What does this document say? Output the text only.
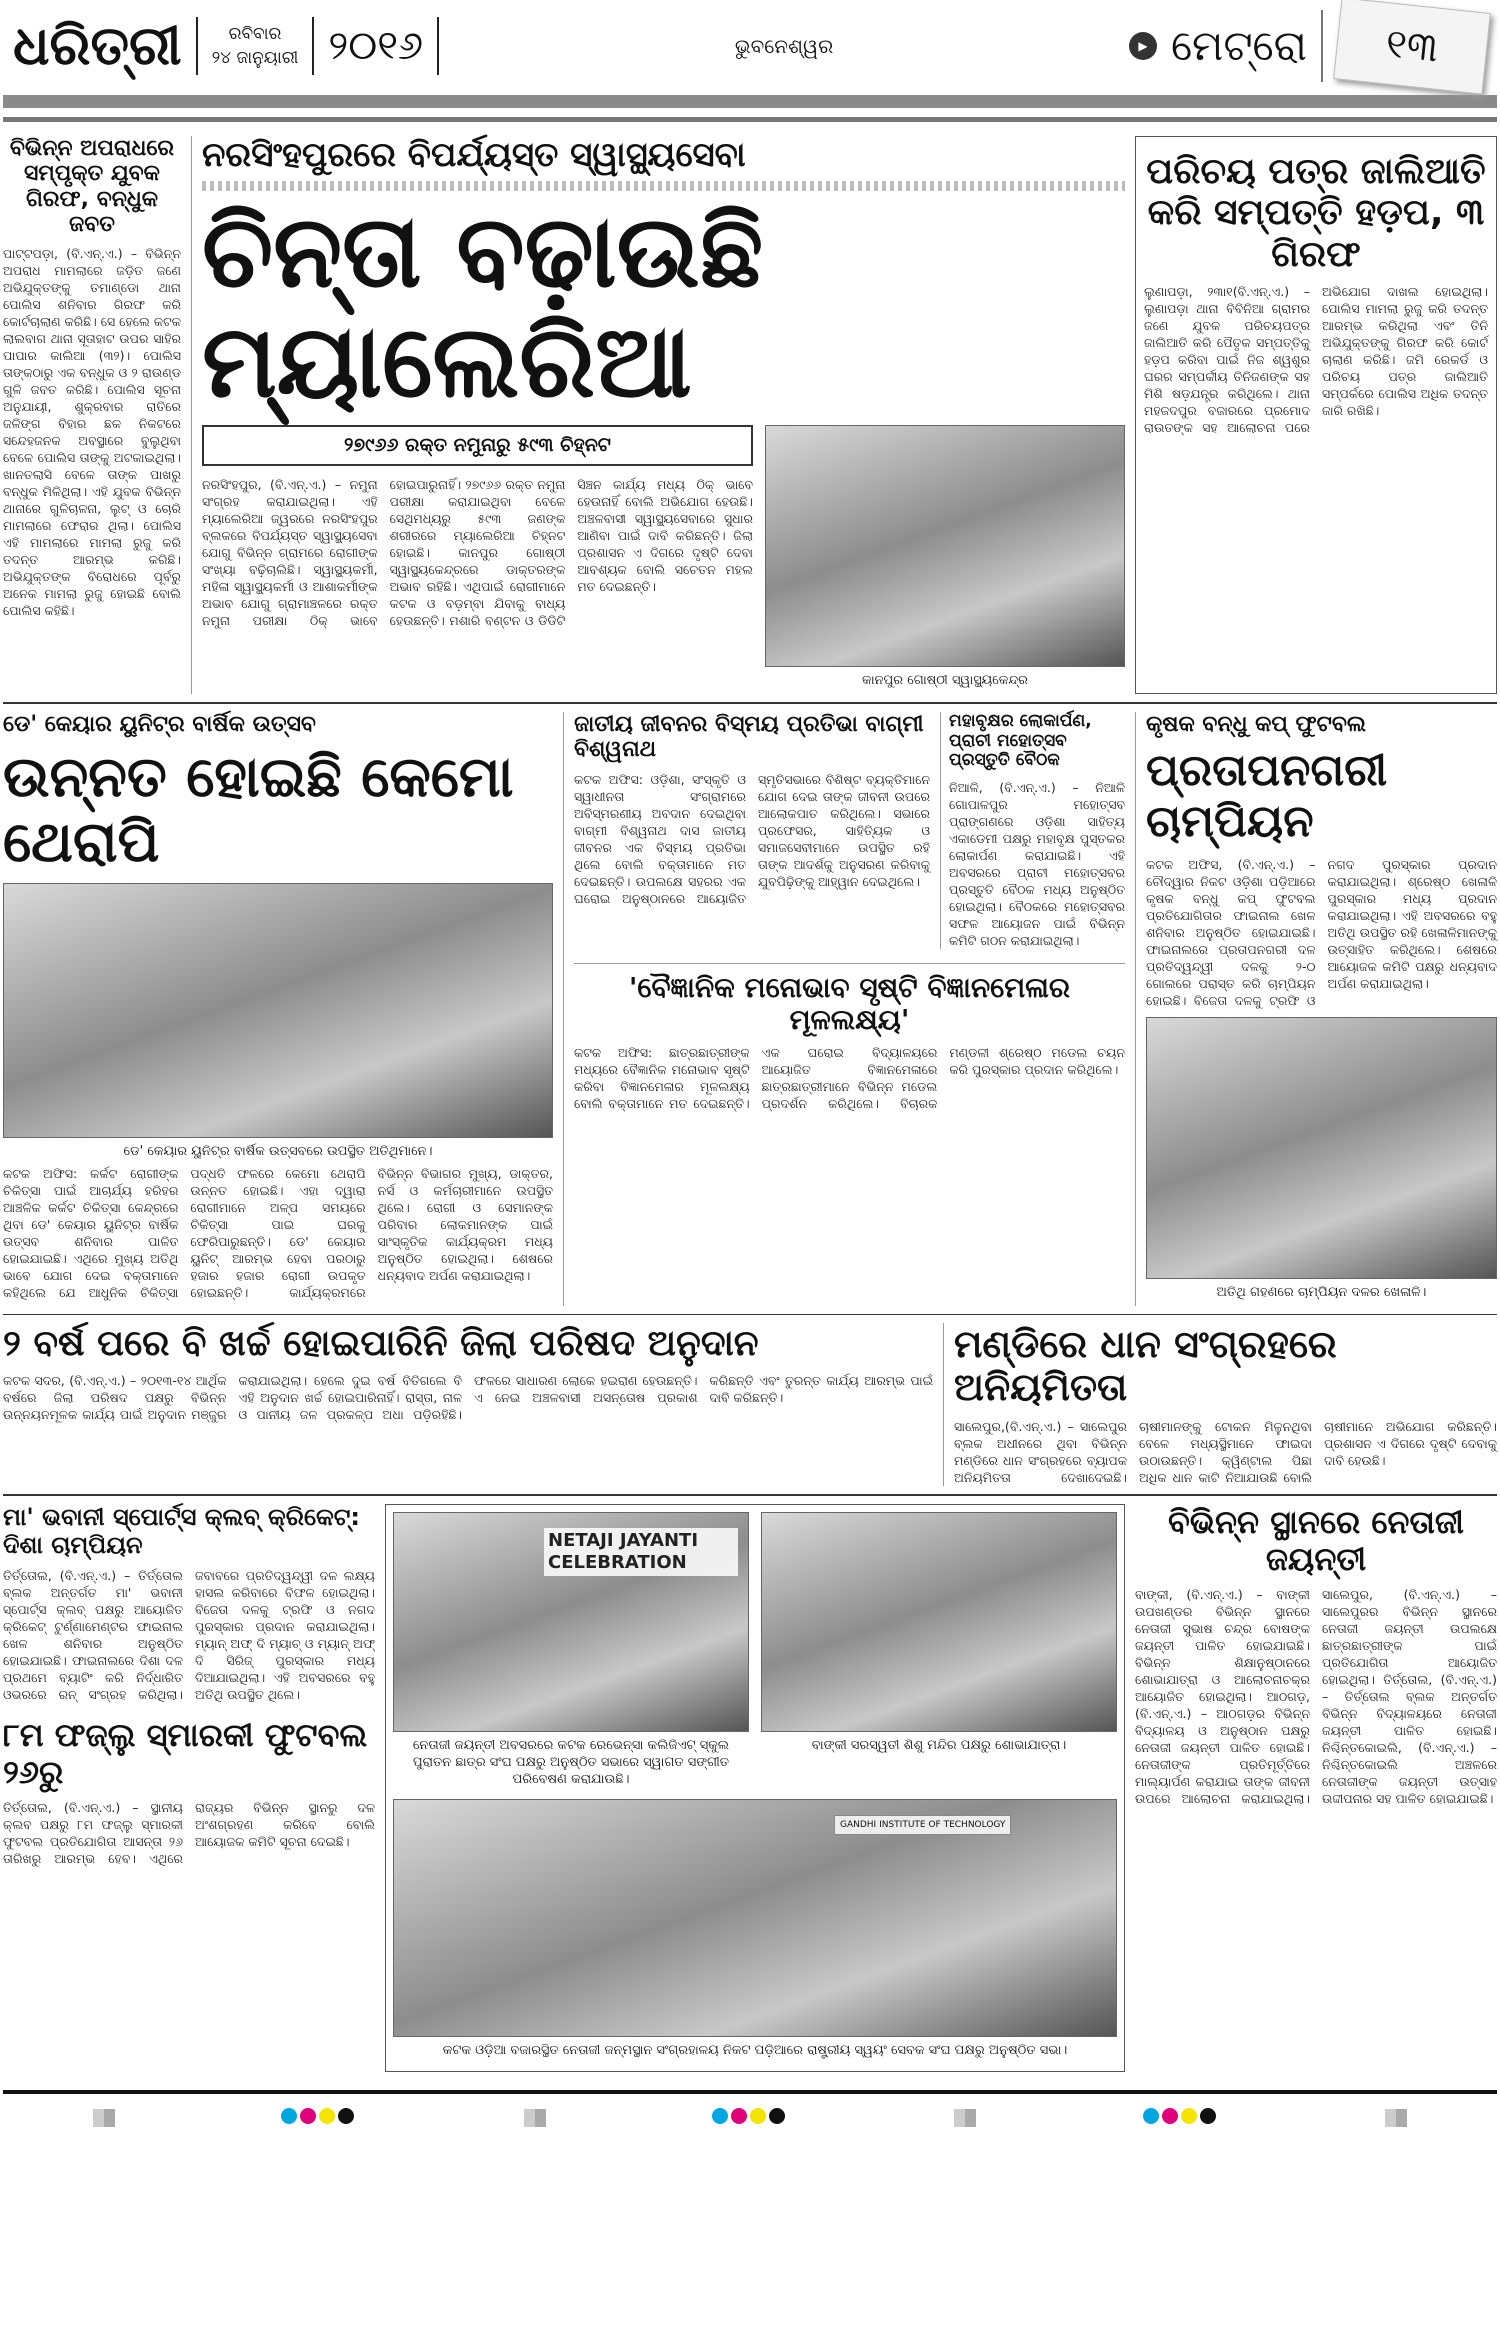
ଧରିତ୍ରୀ	ରବିବାର
୨୪ ଜାନୁୟାରୀ ୨୦୧୬	ଭୁବନେଶ୍ୱର	▶ ମେଟ୍ରୋ ୧୩
ବିଭିନ୍ନ ଅପରାଧରେ ସମ୍ପୃକ୍ତ ଯୁବକ ଗିରଫ, ବନ୍ଧୁକ ଜବତ
ପାଟ୍ଟପଡ଼ା, (ବି.ଏନ୍.ଏ.) – ବିଭିନ୍ନ ଅପରାଧ ମାମଲାରେ ଜଡ଼ିତ ଜଣେ ଅଭିଯୁକ୍ତଙ୍କୁ ତମାଣ୍ଡୋ ଥାନା ପୋଲିସ ଶନିବାର ଗିରଫ କରି କୋର୍ଟଚାଲାଣ କରିଛି। ସେ ହେଲେ କଟକ ଲାଲବାଗ ଥାନା ସୂତାହାଟ ଉପର ସାହିର ପାପାର କାଲିଆ (୩୨)। ପୋଲିସ ତାଙ୍କଠାରୁ ଏକ ବନ୍ଧୁକ ଓ ୨ ରାଉଣ୍ଡ ଗୁଳି ଜବତ କରିଛି। ପୋଲିସ ସୂଚନା ଅନୁଯାୟୀ, ଶୁକ୍ରବାର ରାତିରେ ଜଳିଙ୍ଗ ବିହାର ଛକ ନିକଟରେ ସନ୍ଦେହଜନକ ଅବସ୍ଥାରେ ବୁଲୁଥିବା ବେଳେ ପୋଲିସ ତାଙ୍କୁ ଅଟକାଇଥିଲା। ଖାନତଲାସି ବେଳେ ତାଙ୍କ ପାଖରୁ ବନ୍ଧୁକ ମିଳିଥିଲା। ଏହି ଯୁବକ ବିଭିନ୍ନ ଥାନାରେ ଗୁଳିଚାଳନା, ଲୁଟ୍ ଓ ଚୋରି ମାମଲାରେ ଫେରାର ଥିଲା। ପୋଲିସ ଏହି ମାମଲାରେ ମାମଲା ରୁଜୁ କରି ତଦନ୍ତ ଆରମ୍ଭ କରିଛି। ଅଭିଯୁକ୍ତଙ୍କ ବିରୋଧରେ ପୂର୍ବରୁ ଅନେକ ମାମଲା ରୁଜୁ ହୋଇଛି ବୋଲି ପୋଲିସ କହିଛି।
ନରସିଂହପୁରରେ ବିପର୍ଯ୍ୟସ୍ତ ସ୍ୱାସ୍ଥ୍ୟସେବା
ଚିନ୍ତା ବଢ଼ାଉଛି ମ୍ୟାଲେରିଆ
୨୭୯୬୬ ରକ୍ତ ନମୁନାରୁ ୫୯୩ ଚିହ୍ନଟ
ନରସିଂହପୁର, (ବି.ଏନ୍.ଏ.) – ନମୁନା ସଂଗ୍ରହ କରାଯାଇଥିଲା। ଏହି ମ୍ୟାଲେରିଆ ଜ୍ୱରରେ ନରସିଂହପୁର ବ୍ଲକରେ ବିପର୍ଯ୍ୟସ୍ତ ସ୍ୱାସ୍ଥ୍ୟସେବା ଯୋଗୁ ବିଭିନ୍ନ ଗ୍ରାମରେ ରୋଗୀଙ୍କ ସଂଖ୍ୟା ବଢ଼ିଚାଲିଛି। ସ୍ୱାସ୍ଥ୍ୟକର୍ମୀ, ମହିଳା ସ୍ୱାସ୍ଥ୍ୟକର୍ମୀ ଓ ଆଶାକର୍ମୀଙ୍କ ଅଭାବ ଯୋଗୁ ଗ୍ରାମାଞ୍ଚଳରେ ରକ୍ତ ନମୁନା ପରୀକ୍ଷା ଠିକ୍ ଭାବେ ହୋଇପାରୁନାହିଁ। ୨୭୯୬୬ ରକ୍ତ ନମୁନା ପରୀକ୍ଷା କରାଯାଇଥିବା ବେଳେ ସେଥିମଧ୍ୟରୁ ୫୯୩ ଜଣଙ୍କ ଶରୀରରେ ମ୍ୟାଲେରିଆ ଚିହ୍ନଟ ହୋଇଛି। କାନପୁର ଗୋଷ୍ଠୀ ସ୍ୱାସ୍ଥ୍ୟକେନ୍ଦ୍ରରେ ଡାକ୍ତରଙ୍କ ଅଭାବ ରହିଛି। ଏଥିପାଇଁ ରୋଗୀମାନେ କଟକ ଓ ବଡ଼ମ୍ବା ଯିବାକୁ ବାଧ୍ୟ ହେଉଛନ୍ତି। ମଶାରି ବଣ୍ଟନ ଓ ଡିଡିଟି ସିଞ୍ଚନ କାର୍ଯ୍ୟ ମଧ୍ୟ ଠିକ୍ ଭାବେ ହେଉନାହିଁ ବୋଲି ଅଭିଯୋଗ ହେଉଛି। ଅଞ୍ଚଳବାସୀ ସ୍ୱାସ୍ଥ୍ୟସେବାରେ ସୁଧାର ଆଣିବା ପାଇଁ ଦାବି କରିଛନ୍ତି। ଜିଲା ପ୍ରଶାସନ ଏ ଦିଗରେ ଦୃଷ୍ଟି ଦେବା ଆବଶ୍ୟକ ବୋଲି ସଚେତନ ମହଲ ମତ ଦେଇଛନ୍ତି।
କାନପୁର ଗୋଷ୍ଠୀ ସ୍ୱାସ୍ଥ୍ୟକେନ୍ଦ୍ର
ପରିଚୟ ପତ୍ର ଜାଲିଆତି କରି ସମ୍ପତ୍ତି ହଡ଼ପ, ୩ ଗିରଫ
ଲୁଣାପଡ଼ା, ୨୩ା୧(ବି.ଏନ୍.ଏ.) – ଲୁଣାପଡ଼ା ଥାନା ବିବିନିଆ ଗ୍ରାମର ଜଣେ ଯୁବକ ପରିଚୟପତ୍ର ଜାଲିଆତି କରି ପୈତୃକ ସମ୍ପତ୍ତିକୁ ହଡ଼ପ କରିବା ପାଇଁ ନିଜ ଶ୍ୱଶୁର ଘରର ସମ୍ପର୍କୀୟ ତିନିଜଣଙ୍କ ସହ ମିଶି ଷଡ଼ଯନ୍ତ୍ର କରିଥିଲେ। ଥାନା ମହଜଦପୁର ବଜାରରେ ପ୍ରମୋଦ ରାଉତଙ୍କ ସହ ଆଲୋଚନା ପରେ ଅଭିଯୋଗ ଦାଖଲ ହୋଇଥିଲା। ପୋଲିସ ମାମଲା ରୁଜୁ କରି ତଦନ୍ତ ଆରମ୍ଭ କରିଥିଲା ଏବଂ ତିନି ଅଭିଯୁକ୍ତଙ୍କୁ ଗିରଫ କରି କୋର୍ଟ ଚାଲାଣ କରିଛି। ଜମି ରେକର୍ଡ ଓ ପରିଚୟ ପତ୍ର ଜାଲିଆତି ସମ୍ପର୍କରେ ପୋଲିସ ଅଧିକ ତଦନ୍ତ ଜାରି ରଖିଛି।
ଡେ' କେୟାର ୟୁନିଟ୍‌ର ବାର୍ଷିକ ଉତ୍ସବ
ଉନ୍ନତ ହୋଇଛି କେମୋ ଥେରାପି
ଡେ' କେୟାର ୟୁନିଟ୍‌ର ବାର୍ଷିକ ଉତ୍ସବରେ ଉପସ୍ଥିତ ଅତିଥିମାନେ।
କଟକ ଅଫିସ: କର୍କଟ ରୋଗୀଙ୍କ ଚିକିତ୍ସା ପାଇଁ ଆଚାର୍ଯ୍ୟ ହରିହର ଆଞ୍ଚଳିକ କର୍କଟ ଚିକିତ୍ସା କେନ୍ଦ୍ରରେ ଥିବା ଡେ' କେୟାର ୟୁନିଟ୍‌ର ବାର୍ଷିକ ଉତ୍ସବ ଶନିବାର ପାଳିତ ହୋଇଯାଇଛି। ଏଥିରେ ମୁଖ୍ୟ ଅତିଥି ଭାବେ ଯୋଗ ଦେଇ ବକ୍ତାମାନେ କହିଥିଲେ ଯେ ଆଧୁନିକ ଚିକିତ୍ସା ପଦ୍ଧତି ଫଳରେ କେମୋ ଥେରାପି ଉନ୍ନତ ହୋଇଛି। ଏହା ଦ୍ୱାରା ରୋଗୀମାନେ ଅଳ୍ପ ସମୟରେ ଚିକିତ୍ସା ପାଇ ଘରକୁ ଫେରିପାରୁଛନ୍ତି। ଡେ' କେୟାର ୟୁନିଟ୍ ଆରମ୍ଭ ହେବା ପରଠାରୁ ହଜାର ହଜାର ରୋଗୀ ଉପକୃତ ହୋଇଛନ୍ତି। କାର୍ଯ୍ୟକ୍ରମରେ ବିଭିନ୍ନ ବିଭାଗର ମୁଖ୍ୟ, ଡାକ୍ତର, ନର୍ସ ଓ କର୍ମଚାରୀମାନେ ଉପସ୍ଥିତ ଥିଲେ। ରୋଗୀ ଓ ସେମାନଙ୍କ ପରିବାର ଲୋକମାନଙ୍କ ପାଇଁ ସାଂସ୍କୃତିକ କାର୍ଯ୍ୟକ୍ରମ ମଧ୍ୟ ଅନୁଷ୍ଠିତ ହୋଇଥିଲା। ଶେଷରେ ଧନ୍ୟବାଦ ଅର୍ପଣ କରାଯାଇଥିଲା।
ଜାତୀୟ ଜୀବନର ବିସ୍ମୟ ପ୍ରତିଭା ବାଗ୍ମୀ ବିଶ୍ୱନାଥ
କଟକ ଅଫିସ: ଓଡ଼ିଶା, ସଂସ୍କୃତି ଓ ସ୍ୱାଧୀନତା ସଂଗ୍ରାମରେ ଅବିସ୍ମରଣୀୟ ଅବଦାନ ଦେଇଥିବା ବାଗ୍ମୀ ବିଶ୍ୱନାଥ ଦାସ ଜାତୀୟ ଜୀବନର ଏକ ବିସ୍ମୟ ପ୍ରତିଭା ଥିଲେ ବୋଲି ବକ୍ତାମାନେ ମତ ଦେଇଛନ୍ତି। ଉପଲକ୍ଷେ ସହରର ଏକ ଘରୋଇ ଅନୁଷ୍ଠାନରେ ଆୟୋଜିତ ସ୍ମୃତିସଭାରେ ବିଶିଷ୍ଟ ବ୍ୟକ୍ତିମାନେ ଯୋଗ ଦେଇ ତାଙ୍କ ଜୀବନୀ ଉପରେ ଆଲୋକପାତ କରିଥିଲେ। ସଭାରେ ପ୍ରଫେସର, ସାହିତ୍ୟିକ ଓ ସମାଜସେବୀମାନେ ଉପସ୍ଥିତ ରହି ତାଙ୍କ ଆଦର୍ଶକୁ ଅନୁସରଣ କରିବାକୁ ଯୁବପିଢ଼ିଙ୍କୁ ଆହ୍ୱାନ ଦେଇଥିଲେ।
ମହାବୃକ୍ଷର ଲୋକାର୍ପଣ, ପ୍ରାଚୀ ମହୋତ୍ସବ ପ୍ରସ୍ତୁତି ବୈଠକ
ନିଆଳି, (ବି.ଏନ୍.ଏ.) – ନିଆଳି ଗୋପାଳପୁର ମହୋତ୍ସବ ପ୍ରାଙ୍ଗଣରେ ଓଡ଼ିଶା ସାହିତ୍ୟ ଏକାଡେମୀ ପକ୍ଷରୁ ମହାବୃକ୍ଷ ପୁସ୍ତକର ଲୋକାର୍ପଣ କରାଯାଇଛି। ଏହି ଅବସରରେ ପ୍ରାଚୀ ମହୋତ୍ସବର ପ୍ରସ୍ତୁତି ବୈଠକ ମଧ୍ୟ ଅନୁଷ୍ଠିତ ହୋଇଥିଲା। ବୈଠକରେ ମହୋତ୍ସବର ସଫଳ ଆୟୋଜନ ପାଇଁ ବିଭିନ୍ନ କମିଟି ଗଠନ କରାଯାଇଥିଲା।
'ବୈଜ୍ଞାନିକ ମନୋଭାବ ସୃଷ୍ଟି ବିଜ୍ଞାନମେଳାର ମୂଳଲକ୍ଷ୍ୟ'
କଟକ ଅଫିସ: ଛାତ୍ରଛାତ୍ରୀଙ୍କ ମଧ୍ୟରେ ବୈଜ୍ଞାନିକ ମନୋଭାବ ସୃଷ୍ଟି କରିବା ବିଜ୍ଞାନମେଳାର ମୂଳଲକ୍ଷ୍ୟ ବୋଲି ବକ୍ତାମାନେ ମତ ଦେଇଛନ୍ତି। ଏକ ଘରୋଇ ବିଦ୍ୟାଳୟରେ ଆୟୋଜିତ ବିଜ୍ଞାନମେଳାରେ ଛାତ୍ରଛାତ୍ରୀମାନେ ବିଭିନ୍ନ ମଡେଲ ପ୍ରଦର୍ଶନ କରିଥିଲେ। ବିଚାରକ ମଣ୍ଡଳୀ ଶ୍ରେଷ୍ଠ ମଡେଲ ଚୟନ କରି ପୁରସ୍କାର ପ୍ରଦାନ କରିଥିଲେ।
କୃଷକ ବନ୍ଧୁ କପ୍ ଫୁଟବଲ
ପ୍ରତାପନଗରୀ ଚାମ୍ପିୟନ
କଟକ ଅଫିସ, (ବି.ଏନ୍.ଏ.) – ଚୌଦ୍ୱାର ନିକଟ ଓଡ଼ିଶା ପଡ଼ିଆରେ କୃଷକ ବନ୍ଧୁ କପ୍ ଫୁଟବଲ ପ୍ରତିଯୋଗିତାର ଫାଇନାଲ ଖେଳ ଶନିବାର ଅନୁଷ୍ଠିତ ହୋଇଯାଇଛି। ଫାଇନାଲରେ ପ୍ରତାପନଗରୀ ଦଳ ପ୍ରତିଦ୍ୱନ୍ଦ୍ୱୀ ଦଳକୁ ୨-୦ ଗୋଲରେ ପରାସ୍ତ କରି ଚାମ୍ପିୟନ ହୋଇଛି। ବିଜେତା ଦଳକୁ ଟ୍ରଫି ଓ ନଗଦ ପୁରସ୍କାର ପ୍ରଦାନ କରାଯାଇଥିଲା। ଶ୍ରେଷ୍ଠ ଖେଳାଳି ପୁରସ୍କାର ମଧ୍ୟ ପ୍ରଦାନ କରାଯାଇଥିଲା। ଏହି ଅବସରରେ ବହୁ ଅତିଥି ଉପସ୍ଥିତ ରହି ଖେଳାଳିମାନଙ୍କୁ ଉତ୍ସାହିତ କରିଥିଲେ। ଶେଷରେ ଆୟୋଜକ କମିଟି ପକ୍ଷରୁ ଧନ୍ୟବାଦ ଅର୍ପଣ କରାଯାଇଥିଲା।
ଅତିଥି ଗହଣରେ ଚାମ୍ପିୟନ ଦଳର ଖେଳାଳି।
୨ ବର୍ଷ ପରେ ବି ଖର୍ଚ୍ଚ ହୋଇପାରିନି ଜିଲା ପରିଷଦ ଅନୁଦାନ
କଟକ ସଦର, (ବି.ଏନ୍.ଏ.) – ୨୦୧୩-୧୪ ଆର୍ଥିକ ବର୍ଷରେ ଜିଲା ପରିଷଦ ପକ୍ଷରୁ ବିଭିନ୍ନ ଉନ୍ନୟନମୂଳକ କାର୍ଯ୍ୟ ପାଇଁ ଅନୁଦାନ ମଞ୍ଜୁର କରାଯାଇଥିଲା। ହେଲେ ଦୁଇ ବର୍ଷ ବିତିଗଲେ ବି ଏହି ଅନୁଦାନ ଖର୍ଚ୍ଚ ହୋଇପାରିନାହିଁ। ରାସ୍ତା, ନାଳ ଓ ପାନୀୟ ଜଳ ପ୍ରକଳ୍ପ ଅଧା ପଡ଼ିରହିଛି। ଫଳରେ ସାଧାରଣ ଲୋକେ ହଇରାଣ ହେଉଛନ୍ତି। ଏ ନେଇ ଅଞ୍ଚଳବାସୀ ଅସନ୍ତୋଷ ପ୍ରକାଶ କରିଛନ୍ତି ଏବଂ ତୁରନ୍ତ କାର୍ଯ୍ୟ ଆରମ୍ଭ ପାଇଁ ଦାବି କରିଛନ୍ତି।
ମଣ୍ଡିରେ ଧାନ ସଂଗ୍ରହରେ ଅନିୟମିତତା
ସାଲେପୁର,(ବି.ଏନ୍.ଏ.) – ସାଲେପୁର ବ୍ଲକ ଅଧୀନରେ ଥିବା ବିଭିନ୍ନ ମଣ୍ଡିରେ ଧାନ ସଂଗ୍ରହରେ ବ୍ୟାପକ ଅନିୟମିତତା ଦେଖାଦେଇଛି। ଚାଷୀମାନଙ୍କୁ ଟୋକନ ମିଳୁନଥିବା ବେଳେ ମଧ୍ୟସ୍ଥିମାନେ ଫାଇଦା ଉଠାଉଛନ୍ତି। କ୍ୱିଣ୍ଟାଲ ପିଛା ଅଧିକ ଧାନ କାଟି ନିଆଯାଉଛି ବୋଲି ଚାଷୀମାନେ ଅଭିଯୋଗ କରିଛନ୍ତି। ପ୍ରଶାସନ ଏ ଦିଗରେ ଦୃଷ୍ଟି ଦେବାକୁ ଦାବି ହେଉଛି।
ମା' ଭବାନୀ ସ୍ପୋର୍ଟ୍ସ କ୍ଲବ୍ କ୍ରିକେଟ୍: ଦିଶା ଚାମ୍ପିୟନ
ତିର୍ତ୍ତୋଲ, (ବି.ଏନ୍.ଏ.) – ତିର୍ତ୍ତୋଲ ବ୍ଲକ ଅନ୍ତର୍ଗତ ମା' ଭବାନୀ ସ୍ପୋର୍ଟ୍ସ କ୍ଲବ୍ ପକ୍ଷରୁ ଆୟୋଜିତ କ୍ରିକେଟ୍ ଟୁର୍ଣ୍ଣାମେଣ୍ଟର ଫାଇନାଲ ଖେଳ ଶନିବାର ଅନୁଷ୍ଠିତ ହୋଇଯାଇଛି। ଫାଇନାଲରେ ଦିଶା ଦଳ ପ୍ରଥମେ ବ୍ୟାଟିଂ କରି ନିର୍ଦ୍ଧାରିତ ଓଭରରେ ରନ୍ ସଂଗ୍ରହ କରିଥିଲା। ଜବାବରେ ପ୍ରତିଦ୍ୱନ୍ଦ୍ୱୀ ଦଳ ଲକ୍ଷ୍ୟ ହାସଲ କରିବାରେ ବିଫଳ ହୋଇଥିଲା। ବିଜେତା ଦଳକୁ ଟ୍ରଫି ଓ ନଗଦ ପୁରସ୍କାର ପ୍ରଦାନ କରାଯାଇଥିଲା। ମ୍ୟାନ୍ ଅଫ୍ ଦି ମ୍ୟାଚ୍ ଓ ମ୍ୟାନ୍ ଅଫ୍ ଦି ସିରିଜ୍ ପୁରସ୍କାର ମଧ୍ୟ ଦିଆଯାଇଥିଲା। ଏହି ଅବସରରେ ବହୁ ଅତିଥି ଉପସ୍ଥିତ ଥିଲେ।
୮ମ ଫଜ୍ଲୁ ସ୍ମାରକୀ ଫୁଟବଲ ୨୬ରୁ
ତିର୍ତ୍ତୋଲ, (ବି.ଏନ୍.ଏ.) – ସ୍ଥାନୀୟ କ୍ଲବ ପକ୍ଷରୁ ୮ମ ଫଜ୍ଲୁ ସ୍ମାରକୀ ଫୁଟବଲ ପ୍ରତିଯୋଗିତା ଆସନ୍ତା ୨୬ ତାରିଖରୁ ଆରମ୍ଭ ହେବ। ଏଥିରେ ରାଜ୍ୟର ବିଭିନ୍ନ ସ୍ଥାନରୁ ଦଳ ଅଂଶଗ୍ରହଣ କରିବେ ବୋଲି ଆୟୋଜକ କମିଟି ସୂଚନା ଦେଇଛି।
NETAJI JAYANTI CELEBRATION
ନେତାଜୀ ଜୟନ୍ତୀ ଅବସରରେ କଟକ ରେଭେନ୍ସା କଲିଜିଏଟ୍ ସ୍କୁଲ ପୁରାତନ ଛାତ୍ର ସଂଘ ପକ୍ଷରୁ ଅନୁଷ୍ଠିତ ସଭାରେ ସ୍ୱାଗତ ସଙ୍ଗୀତ ପରିବେଷଣ କରାଯାଉଛି।
ବାଙ୍କୀ ସରସ୍ୱତୀ ଶିଶୁ ମନ୍ଦିର ପକ୍ଷରୁ ଶୋଭାଯାତ୍ରା।
GANDHI INSTITUTE OF TECHNOLOGY
କଟକ ଓଡ଼ିଆ ବଜାରସ୍ଥିତ ନେତାଜୀ ଜନ୍ମସ୍ଥାନ ସଂଗ୍ରହାଳୟ ନିକଟ ପଡ଼ିଆରେ ରାଷ୍ଟ୍ରୀୟ ସ୍ୱୟଂ ସେବକ ସଂଘ ପକ୍ଷରୁ ଅନୁଷ୍ଠିତ ସଭା।
ବିଭିନ୍ନ ସ୍ଥାନରେ ନେତାଜୀ ଜୟନ୍ତୀ
ବାଙ୍କୀ, (ବି.ଏନ୍.ଏ.) – ବାଙ୍କୀ ଉପଖଣ୍ଡର ବିଭିନ୍ନ ସ୍ଥାନରେ ନେତାଜୀ ସୁଭାଷ ଚନ୍ଦ୍ର ବୋଷଙ୍କ ଜୟନ୍ତୀ ପାଳିତ ହୋଇଯାଇଛି। ବିଭିନ୍ନ ଶିକ୍ଷାନୁଷ୍ଠାନରେ ଶୋଭାଯାତ୍ରା ଓ ଆଲୋଚନାଚକ୍ର ଆୟୋଜିତ ହୋଇଥିଲା। ଆଠଗଡ଼, (ବି.ଏନ୍.ଏ.) – ଆଠଗଡ଼ର ବିଭିନ୍ନ ବିଦ୍ୟାଳୟ ଓ ଅନୁଷ୍ଠାନ ପକ୍ଷରୁ ନେତାଜୀ ଜୟନ୍ତୀ ପାଳିତ ହୋଇଛି। ନେତାଜୀଙ୍କ ପ୍ରତିମୂର୍ତ୍ତିରେ ମାଲ୍ୟାର୍ପଣ କରାଯାଇ ତାଙ୍କ ଜୀବନୀ ଉପରେ ଆଲୋଚନା କରାଯାଇଥିଲା। ସାଲେପୁର, (ବି.ଏନ୍.ଏ.) – ସାଲେପୁରର ବିଭିନ୍ନ ସ୍ଥାନରେ ନେତାଜୀ ଜୟନ୍ତୀ ଉପଲକ୍ଷେ ଛାତ୍ରଛାତ୍ରୀଙ୍କ ପାଇଁ ପ୍ରତିଯୋଗିତା ଆୟୋଜିତ ହୋଇଥିଲା। ତିର୍ତ୍ତୋଲ, (ବି.ଏନ୍.ଏ.) – ତିର୍ତ୍ତୋଲ ବ୍ଲକ ଅନ୍ତର୍ଗତ ବିଭିନ୍ନ ବିଦ୍ୟାଳୟରେ ନେତାଜୀ ଜୟନ୍ତୀ ପାଳିତ ହୋଇଛି। ନିଶ୍ଚିନ୍ତକୋଇଲି, (ବି.ଏନ୍.ଏ.) – ନିଶ୍ଚିନ୍ତକୋଇଲି ଅଞ୍ଚଳରେ ନେତାଜୀଙ୍କ ଜୟନ୍ତୀ ଉତ୍ସାହ ଉଦ୍ଦୀପନାର ସହ ପାଳିତ ହୋଇଯାଇଛି।
